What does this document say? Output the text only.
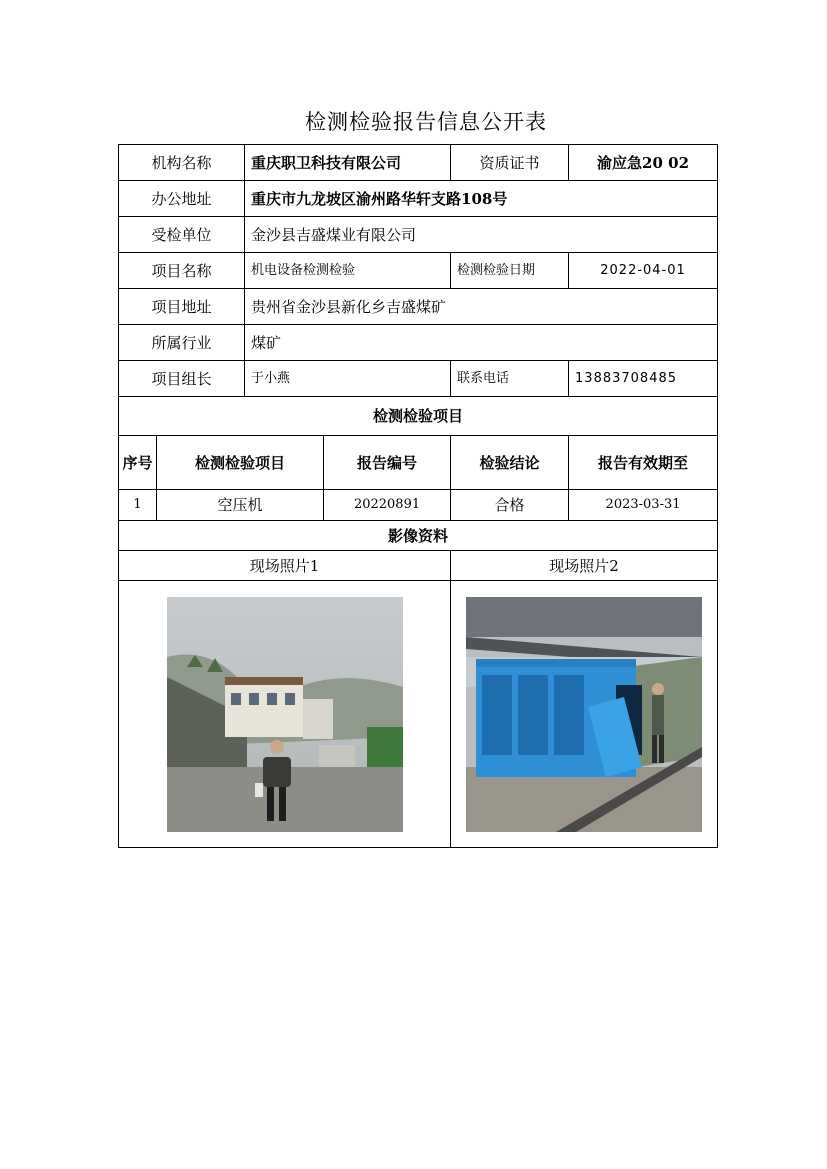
检测检验报告信息公开表
机构名称		重庆职卫科技有限公司		资质证书	渝应急20 02
办公地址		重庆市九龙坡区渝州路华轩支路108号			
受检单位		金沙县吉盛煤业有限公司			
项目名称		机电设备检测检验		检测检验日期	2022-04-01
项目地址		贵州省金沙县新化乡吉盛煤矿			
所属行业		煤矿			
项目组长		于小燕		联系电话	13883708485
检测检验项目					
序号	检测检验项目		报告编号	检验结论	报告有效期至
1	空压机		20220891	合格	2023-03-31
影像资料					
现场照片1				现场照片2	
